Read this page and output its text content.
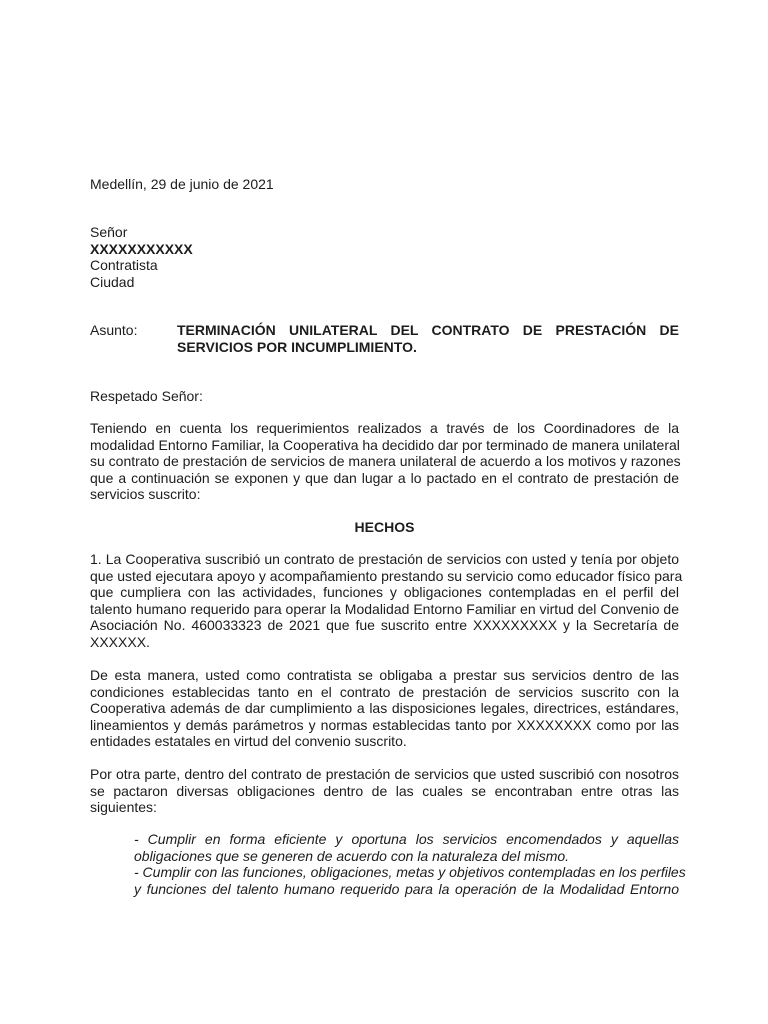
Medellín, 29 de junio de 2021
Señor
XXXXXXXXXXX
Contratista
Ciudad
Asunto:	TERMINACIÓN UNILATERAL DEL CONTRATO DE PRESTACIÓN DE
SERVICIOS POR INCUMPLIMIENTO.
Respetado Señor:
Teniendo en cuenta los requerimientos realizados a través de los Coordinadores de la
modalidad Entorno Familiar, la Cooperativa ha decidido dar por terminado de manera unilateral
su contrato de prestación de servicios de manera unilateral de acuerdo a los motivos y razones
que a continuación se exponen y que dan lugar a lo pactado en el contrato de prestación de
servicios suscrito:
HECHOS
1. La Cooperativa suscribió un contrato de prestación de servicios con usted y tenía por objeto
que usted ejecutara apoyo y acompañamiento prestando su servicio como educador físico para
que cumpliera con las actividades, funciones y obligaciones contempladas en el perfil del
talento humano requerido para operar la Modalidad Entorno Familiar en virtud del Convenio de
Asociación No. 460033323 de 2021 que fue suscrito entre XXXXXXXXX y la Secretaría de
XXXXXX.
De esta manera, usted como contratista se obligaba a prestar sus servicios dentro de las
condiciones establecidas tanto en el contrato de prestación de servicios suscrito con la
Cooperativa además de dar cumplimiento a las disposiciones legales, directrices, estándares,
lineamientos y demás parámetros y normas establecidas tanto por XXXXXXXX como por las
entidades estatales en virtud del convenio suscrito.
Por otra parte, dentro del contrato de prestación de servicios que usted suscribió con nosotros
se pactaron diversas obligaciones dentro de las cuales se encontraban entre otras las
siguientes:
- Cumplir en forma eficiente y oportuna los servicios encomendados y aquellas
obligaciones que se generen de acuerdo con la naturaleza del mismo.
- Cumplir con las funciones, obligaciones, metas y objetivos contempladas en los perfiles
y funciones del talento humano requerido para la operación de la Modalidad Entorno
